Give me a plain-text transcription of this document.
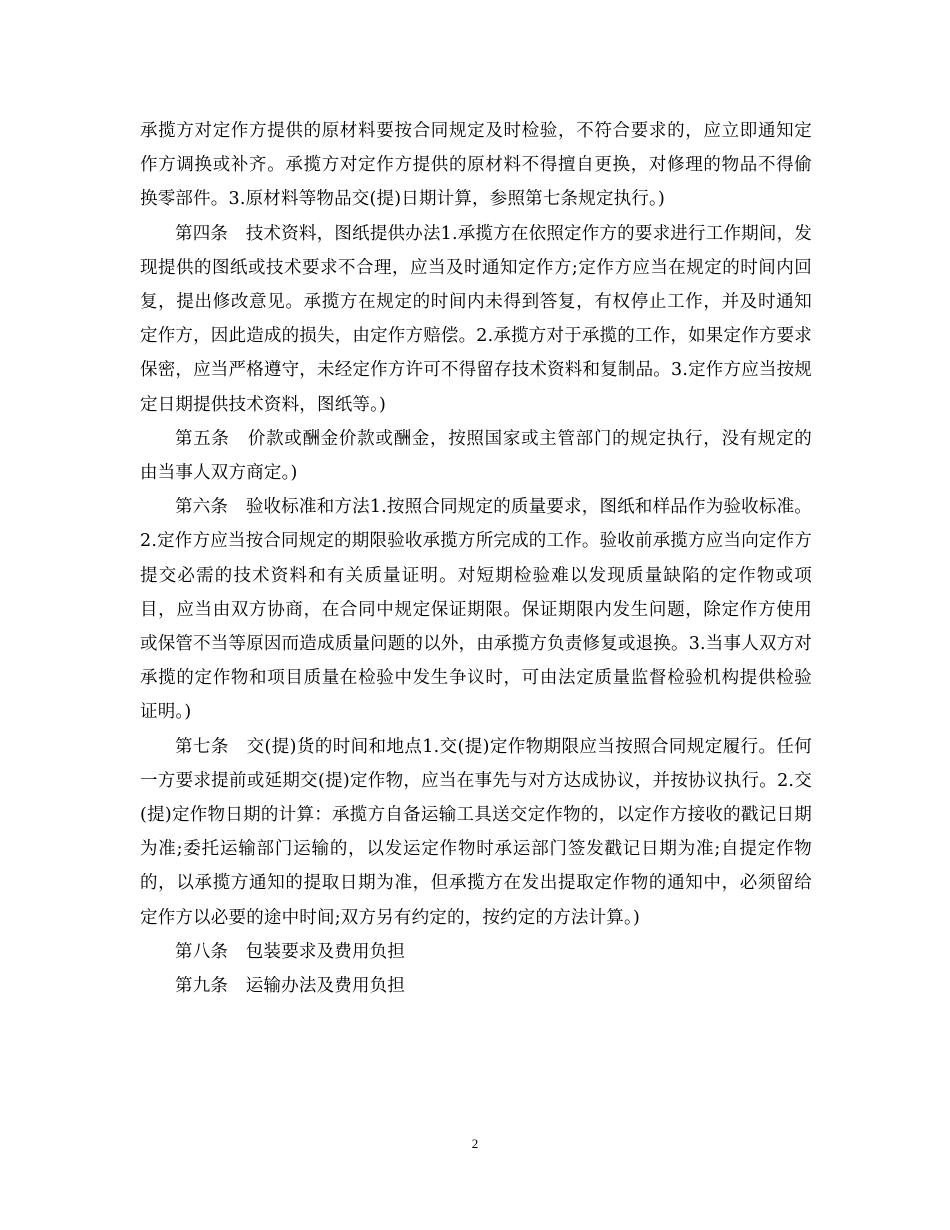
承揽方对定作方提供的原材料要按合同规定及时检验，不符合要求的，应立即通知定作方调换或补齐。承揽方对定作方提供的原材料不得擅自更换，对修理的物品不得偷换零部件。3.原材料等物品交(提)日期计算，参照第七条规定执行。)

第四条　技术资料，图纸提供办法1.承揽方在依照定作方的要求进行工作期间，发现提供的图纸或技术要求不合理，应当及时通知定作方;定作方应当在规定的时间内回复，提出修改意见。承揽方在规定的时间内未得到答复，有权停止工作，并及时通知定作方，因此造成的损失，由定作方赔偿。2.承揽方对于承揽的工作，如果定作方要求保密，应当严格遵守，未经定作方许可不得留存技术资料和复制品。3.定作方应当按规定日期提供技术资料，图纸等。)

第五条　价款或酬金价款或酬金，按照国家或主管部门的规定执行，没有规定的由当事人双方商定。)

第六条　验收标准和方法1.按照合同规定的质量要求，图纸和样品作为验收标准。2.定作方应当按合同规定的期限验收承揽方所完成的工作。验收前承揽方应当向定作方提交必需的技术资料和有关质量证明。对短期检验难以发现质量缺陷的定作物或项目，应当由双方协商，在合同中规定保证期限。保证期限内发生问题，除定作方使用或保管不当等原因而造成质量问题的以外，由承揽方负责修复或退换。3.当事人双方对承揽的定作物和项目质量在检验中发生争议时，可由法定质量监督检验机构提供检验证明。)

第七条　交(提)货的时间和地点1.交(提)定作物期限应当按照合同规定履行。任何一方要求提前或延期交(提)定作物，应当在事先与对方达成协议，并按协议执行。2.交(提)定作物日期的计算：承揽方自备运输工具送交定作物的，以定作方接收的戳记日期为准;委托运输部门运输的，以发运定作物时承运部门签发戳记日期为准;自提定作物的，以承揽方通知的提取日期为准，但承揽方在发出提取定作物的通知中，必须留给定作方以必要的途中时间;双方另有约定的，按约定的方法计算。)

第八条　包装要求及费用负担

第九条　运输办法及费用负担

2
